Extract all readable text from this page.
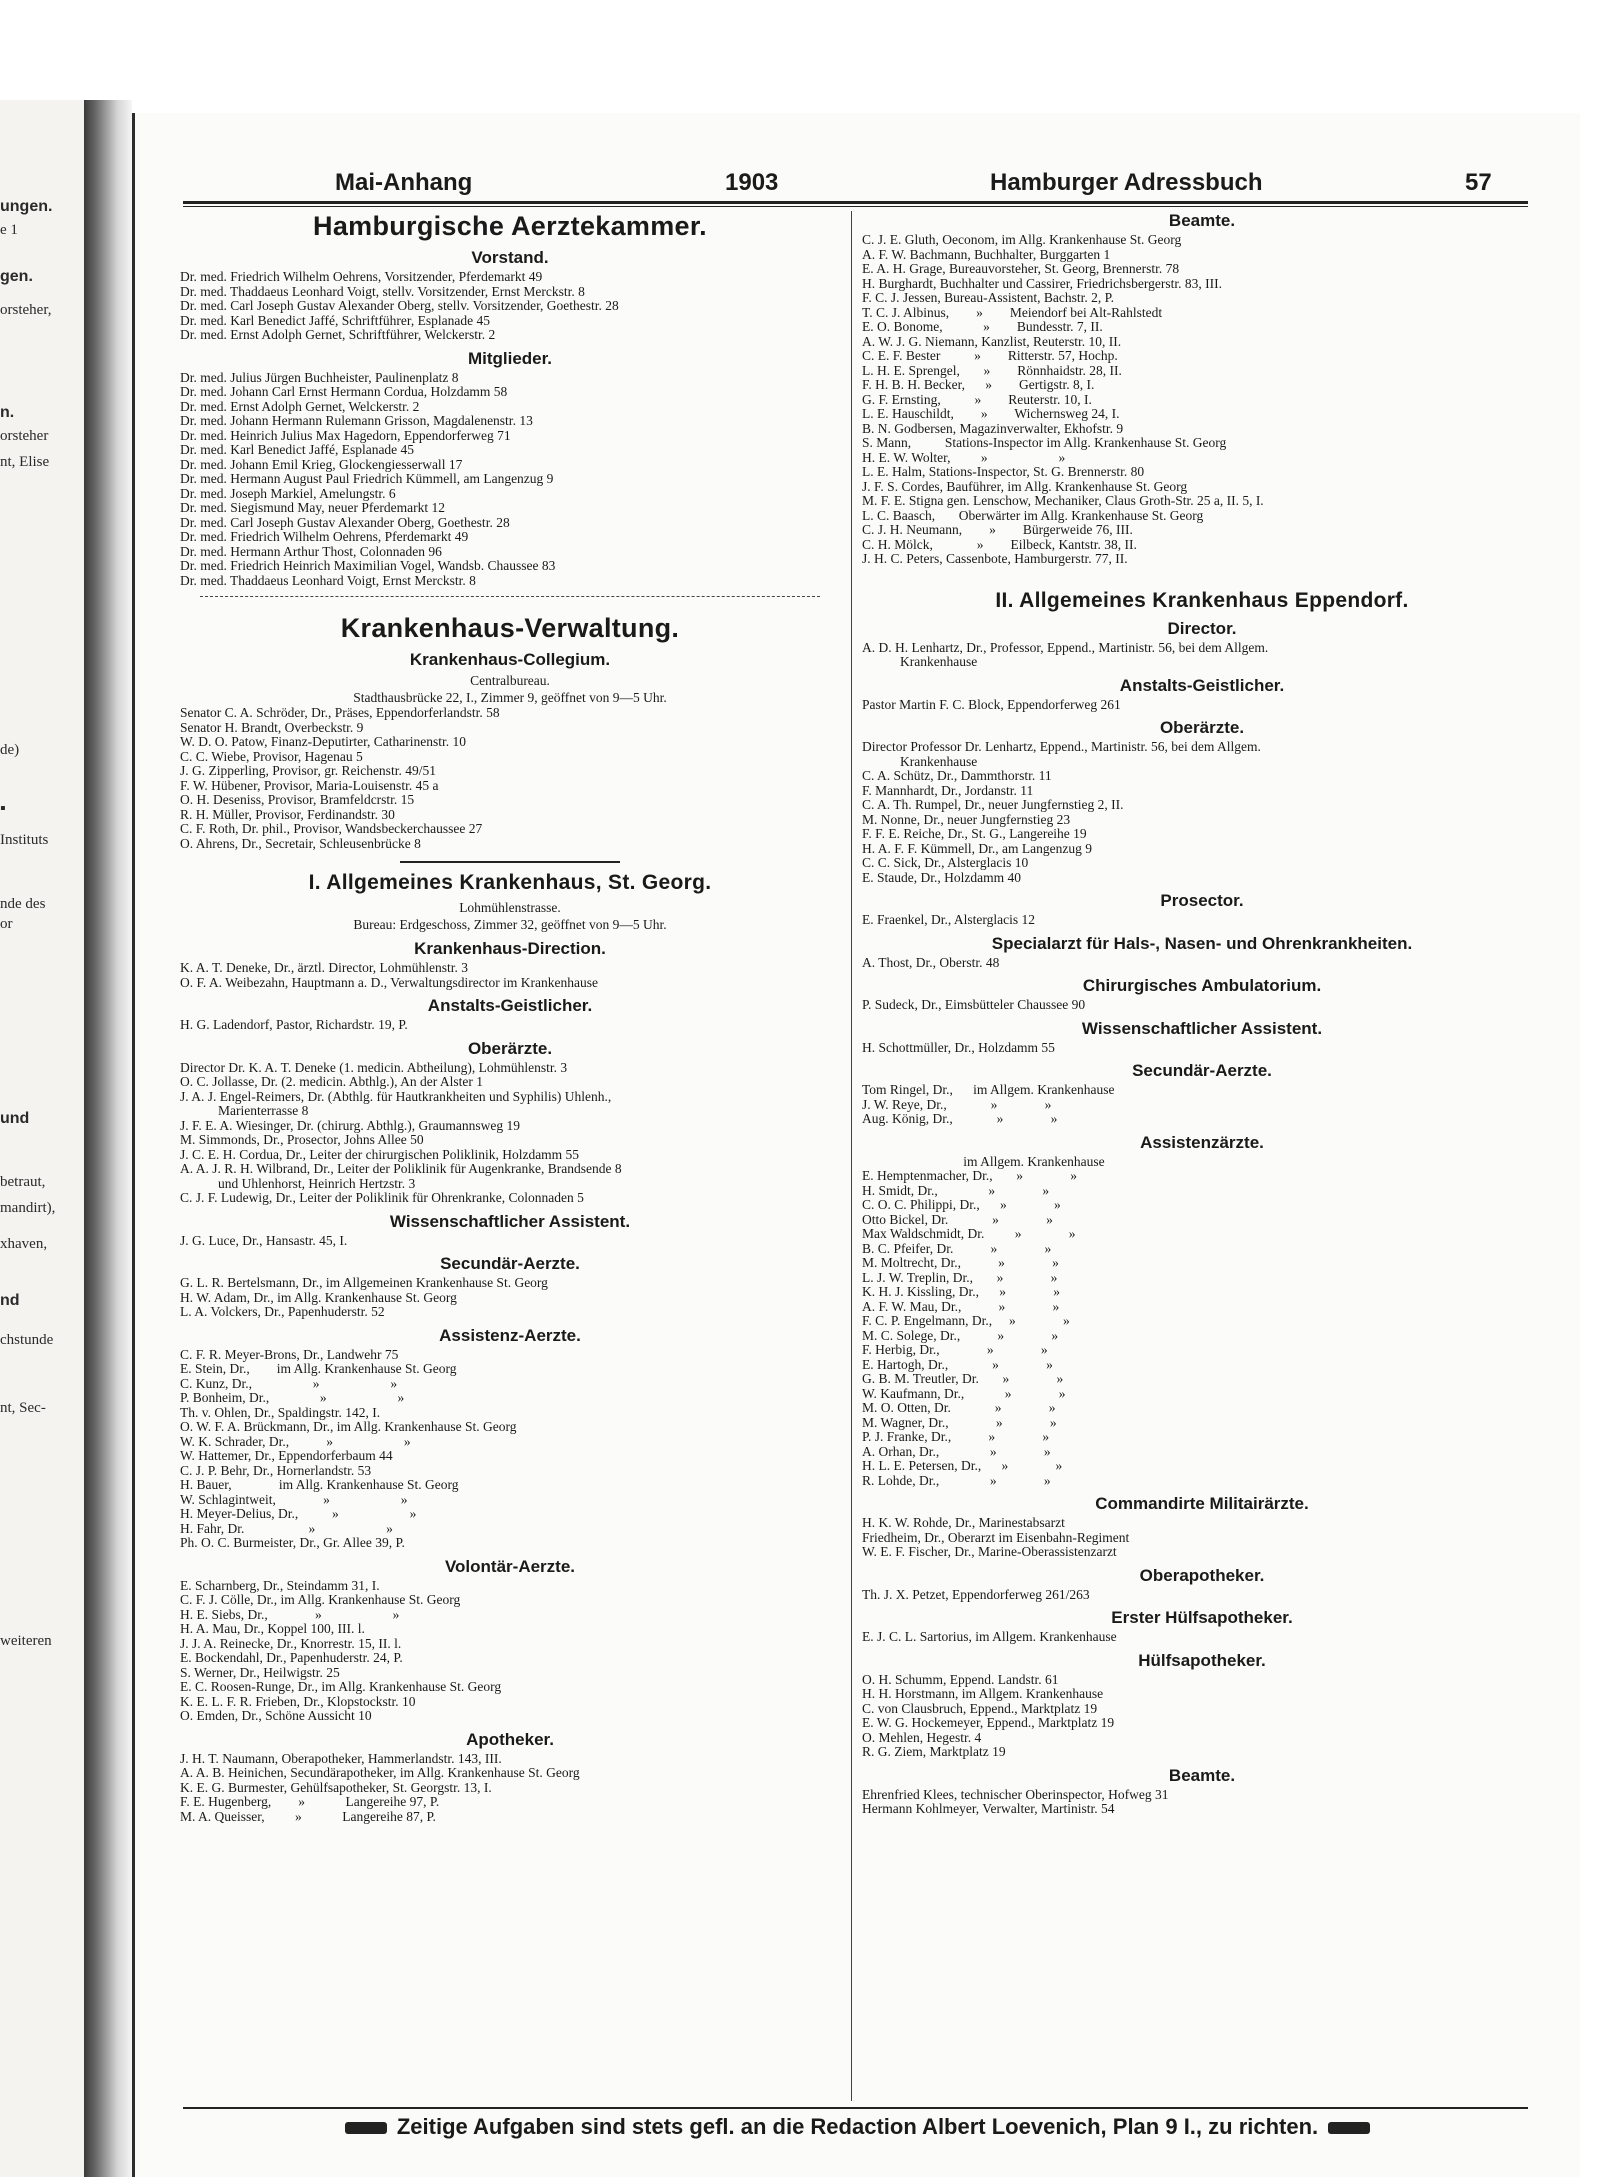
ungen.
e 1
gen.
orsteher,
n.
orsteher
nt, Elise
de)
▪
Instituts
nde des
or
und
betraut,
mandirt),
xhaven,
nd
chstunde
nt, Sec-
weiteren
Mai-Anhang	1903	Hamburger Adressbuch	57
Hamburgische Aerztekammer.
Vorstand.
Dr. med. Friedrich Wilhelm Oehrens, Vorsitzender, Pferdemarkt 49
Dr. med. Thaddaeus Leonhard Voigt, stellv. Vorsitzender, Ernst Merckstr. 8
Dr. med. Carl Joseph Gustav Alexander Oberg, stellv. Vorsitzender, Goethestr. 28
Dr. med. Karl Benedict Jaffé, Schriftführer, Esplanade 45
Dr. med. Ernst Adolph Gernet, Schriftführer, Welckerstr. 2
Mitglieder.
Dr. med. Julius Jürgen Buchheister, Paulinenplatz 8
Dr. med. Johann Carl Ernst Hermann Cordua, Holzdamm 58
Dr. med. Ernst Adolph Gernet, Welckerstr. 2
Dr. med. Johann Hermann Rulemann Grisson, Magdalenenstr. 13
Dr. med. Heinrich Julius Max Hagedorn, Eppendorferweg 71
Dr. med. Karl Benedict Jaffé, Esplanade 45
Dr. med. Johann Emil Krieg, Glockengiesserwall 17
Dr. med. Hermann August Paul Friedrich Kümmell, am Langenzug 9
Dr. med. Joseph Markiel, Amelungstr. 6
Dr. med. Siegismund May, neuer Pferdemarkt 12
Dr. med. Carl Joseph Gustav Alexander Oberg, Goethestr. 28
Dr. med. Friedrich Wilhelm Oehrens, Pferdemarkt 49
Dr. med. Hermann Arthur Thost, Colonnaden 96
Dr. med. Friedrich Heinrich Maximilian Vogel, Wandsb. Chaussee 83
Dr. med. Thaddaeus Leonhard Voigt, Ernst Merckstr. 8
Krankenhaus-Verwaltung.
Krankenhaus-Collegium.

Centralbureau.

Stadthausbrücke 22, I., Zimmer 9, geöffnet von 9—5 Uhr.

Senator C. A. Schröder, Dr., Präses, Eppendorferlandstr. 58
Senator H. Brandt, Overbeckstr. 9
W. D. O. Patow, Finanz-Deputirter, Catharinenstr. 10
C. C. Wiebe, Provisor, Hagenau 5
J. G. Zipperling, Provisor, gr. Reichenstr. 49/51
F. W. Hübener, Provisor, Maria-Louisenstr. 45 a
O. H. Deseniss, Provisor, Bramfeldcrstr. 15
R. H. Müller, Provisor, Ferdinandstr. 30
C. F. Roth, Dr. phil., Provisor, Wandsbeckerchaussee 27
O. Ahrens, Dr., Secretair, Schleusenbrücke 8
I. Allgemeines Krankenhaus, St. Georg.

Lohmühlenstrasse.

Bureau: Erdgeschoss, Zimmer 32, geöffnet von 9—5 Uhr.

Krankenhaus-Direction.
K. A. T. Deneke, Dr., ärztl. Director, Lohmühlenstr. 3
O. F. A. Weibezahn, Hauptmann a. D., Verwaltungsdirector im Krankenhause
Anstalts-Geistlicher.
H. G. Ladendorf, Pastor, Richardstr. 19, P.
Oberärzte.
Director Dr. K. A. T. Deneke (1. medicin. Abtheilung), Lohmühlenstr. 3
O. C. Jollasse, Dr. (2. medicin. Abthlg.), An der Alster 1
J. A. J. Engel-Reimers, Dr. (Abthlg. für Hautkrankheiten und Syphilis) Uhlenh.,
Marienterrasse 8
J. F. E. A. Wiesinger, Dr. (chirurg. Abthlg.), Graumannsweg 19
M. Simmonds, Dr., Prosector, Johns Allee 50
J. C. E. H. Cordua, Dr., Leiter der chirurgischen Poliklinik, Holzdamm 55
A. A. J. R. H. Wilbrand, Dr., Leiter der Poliklinik für Augenkranke, Brandsende 8
und Uhlenhorst, Heinrich Hertzstr. 3
C. J. F. Ludewig, Dr., Leiter der Poliklinik für Ohrenkranke, Colonnaden 5
Wissenschaftlicher Assistent.
J. G. Luce, Dr., Hansastr. 45, I.
Secundär-Aerzte.
G. L. R. Bertelsmann, Dr., im Allgemeinen Krankenhause St. Georg
H. W. Adam, Dr., im Allg. Krankenhause St. Georg
L. A. Volckers, Dr., Papenhuderstr. 52
Assistenz-Aerzte.
C. F. R. Meyer-Brons, Dr., Landwehr 75
E. Stein, Dr.,        im Allg. Krankenhause St. Georg
C. Kunz, Dr.,                  »                     »
P. Bonheim, Dr.,               »                     »
Th. v. Ohlen, Dr., Spaldingstr. 142, I.
O. W. F. A. Brückmann, Dr., im Allg. Krankenhause St. Georg
W. K. Schrader, Dr.,           »                     »
W. Hattemer, Dr., Eppendorferbaum 44
C. J. P. Behr, Dr., Hornerlandstr. 53
H. Bauer,              im Allg. Krankenhause St. Georg
W. Schlagintweit,              »                     »
H. Meyer-Delius, Dr.,          »                     »
H. Fahr, Dr.                   »                     »
Ph. O. C. Burmeister, Dr., Gr. Allee 39, P.
Volontär-Aerzte.
E. Scharnberg, Dr., Steindamm 31, I.
C. F. J. Cölle, Dr., im Allg. Krankenhause St. Georg
H. E. Siebs, Dr.,              »                     »
H. A. Mau, Dr., Koppel 100, III. l.
J. J. A. Reinecke, Dr., Knorrestr. 15, II. l.
E. Bockendahl, Dr., Papenhuderstr. 24, P.
S. Werner, Dr., Heilwigstr. 25
E. C. Roosen-Runge, Dr., im Allg. Krankenhause St. Georg
K. E. L. F. R. Frieben, Dr., Klopstockstr. 10
O. Emden, Dr., Schöne Aussicht 10
Apotheker.
J. H. T. Naumann, Oberapotheker, Hammerlandstr. 143, III.
A. A. B. Heinichen, Secundärapotheker, im Allg. Krankenhause St. Georg
K. E. G. Burmester, Gehülfsapotheker, St. Georgstr. 13, I.
F. E. Hugenberg,        »            Langereihe 97, P.
M. A. Queisser,         »            Langereihe 87, P.
Beamte.
C. J. E. Gluth, Oeconom, im Allg. Krankenhause St. Georg
A. F. W. Bachmann, Buchhalter, Burggarten 1
E. A. H. Grage, Bureauvorsteher, St. Georg, Brennerstr. 78
H. Burghardt, Buchhalter und Cassirer, Friedrichsbergerstr. 83, III.
F. C. J. Jessen, Bureau-Assistent, Bachstr. 2, P.
T. C. J. Albinus,        »        Meiendorf bei Alt-Rahlstedt
E. O. Bonome,            »        Bundesstr. 7, II.
A. W. J. G. Niemann, Kanzlist, Reuterstr. 10, II.
C. E. F. Bester          »        Ritterstr. 57, Hochp.
L. H. E. Sprengel,       »        Rönnhaidstr. 28, II.
F. H. B. H. Becker,      »        Gertigstr. 8, I.
G. F. Ernsting,          »        Reuterstr. 10, I.
L. E. Hauschildt,        »        Wichernsweg 24, I.
B. N. Godbersen, Magazinverwalter, Ekhofstr. 9
S. Mann,          Stations-Inspector im Allg. Krankenhause St. Georg
H. E. W. Wolter,         »                     »
L. E. Halm, Stations-Inspector, St. G. Brennerstr. 80
J. F. S. Cordes, Bauführer, im Allg. Krankenhause St. Georg
M. F. E. Stigna gen. Lenschow, Mechaniker, Claus Groth-Str. 25 a, II. 5, I.
L. C. Baasch,       Oberwärter im Allg. Krankenhause St. Georg
C. J. H. Neumann,        »        Bürgerweide 76, III.
C. H. Mölck,             »        Eilbeck, Kantstr. 38, II.
J. H. C. Peters, Cassenbote, Hamburgerstr. 77, II.
II. Allgemeines Krankenhaus Eppendorf.
Director.
A. D. H. Lenhartz, Dr., Professor, Eppend., Martinistr. 56, bei dem Allgem.
Krankenhause
Anstalts-Geistlicher.
Pastor Martin F. C. Block, Eppendorferweg 261
Oberärzte.
Director Professor Dr. Lenhartz, Eppend., Martinistr. 56, bei dem Allgem.
Krankenhause
C. A. Schütz, Dr., Dammthorstr. 11
F. Mannhardt, Dr., Jordanstr. 11
C. A. Th. Rumpel, Dr., neuer Jungfernstieg 2, II.
M. Nonne, Dr., neuer Jungfernstieg 23
F. F. E. Reiche, Dr., St. G., Langereihe 19
H. A. F. F. Kümmell, Dr., am Langenzug 9
C. C. Sick, Dr., Alsterglacis 10
E. Staude, Dr., Holzdamm 40
Prosector.
E. Fraenkel, Dr., Alsterglacis 12
Specialarzt für Hals-, Nasen- und Ohrenkrankheiten.
A. Thost, Dr., Oberstr. 48
Chirurgisches Ambulatorium.
P. Sudeck, Dr., Eimsbütteler Chaussee 90
Wissenschaftlicher Assistent.
H. Schottmüller, Dr., Holzdamm 55
Secundär-Aerzte.
Tom Ringel, Dr.,      im Allgem. Krankenhause
J. W. Reye, Dr.,             »              »
Aug. König, Dr.,             »              »
Assistenzärzte.
im Allgem. Krankenhause
E. Hemptenmacher, Dr.,       »              »
H. Smidt, Dr.,               »              »
C. O. C. Philippi, Dr.,      »              »
Otto Bickel, Dr.             »              »
Max Waldschmidt, Dr.         »              »
B. C. Pfeifer, Dr.           »              »
M. Moltrecht, Dr.,           »              »
L. J. W. Treplin, Dr.,       »              »
K. H. J. Kissling, Dr.,      »              »
A. F. W. Mau, Dr.,           »              »
F. C. P. Engelmann, Dr.,     »              »
M. C. Solege, Dr.,           »              »
F. Herbig, Dr.,              »              »
E. Hartogh, Dr.,             »              »
G. B. M. Treutler, Dr.       »              »
W. Kaufmann, Dr.,            »              »
M. O. Otten, Dr.             »              »
M. Wagner, Dr.,              »              »
P. J. Franke, Dr.,           »              »
A. Orhan, Dr.,               »              »
H. L. E. Petersen, Dr.,      »              »
R. Lohde, Dr.,               »              »
Commandirte Militairärzte.
H. K. W. Rohde, Dr., Marinestabsarzt
Friedheim, Dr., Oberarzt im Eisenbahn-Regiment
W. E. F. Fischer, Dr., Marine-Oberassistenzarzt
Oberapotheker.
Th. J. X. Petzet, Eppendorferweg 261/263
Erster Hülfsapotheker.
E. J. C. L. Sartorius, im Allgem. Krankenhause
Hülfsapotheker.
O. H. Schumm, Eppend. Landstr. 61
H. H. Horstmann, im Allgem. Krankenhause
C. von Clausbruch, Eppend., Marktplatz 19
E. W. G. Hockemeyer, Eppend., Marktplatz 19
O. Mehlen, Hegestr. 4
R. G. Ziem, Marktplatz 19
Beamte.
Ehrenfried Klees, technischer Oberinspector, Hofweg 31
Hermann Kohlmeyer, Verwalter, Martinistr. 54
Zeitige Aufgaben sind stets gefl. an die Redaction Albert Loevenich, Plan 9 I., zu richten.
